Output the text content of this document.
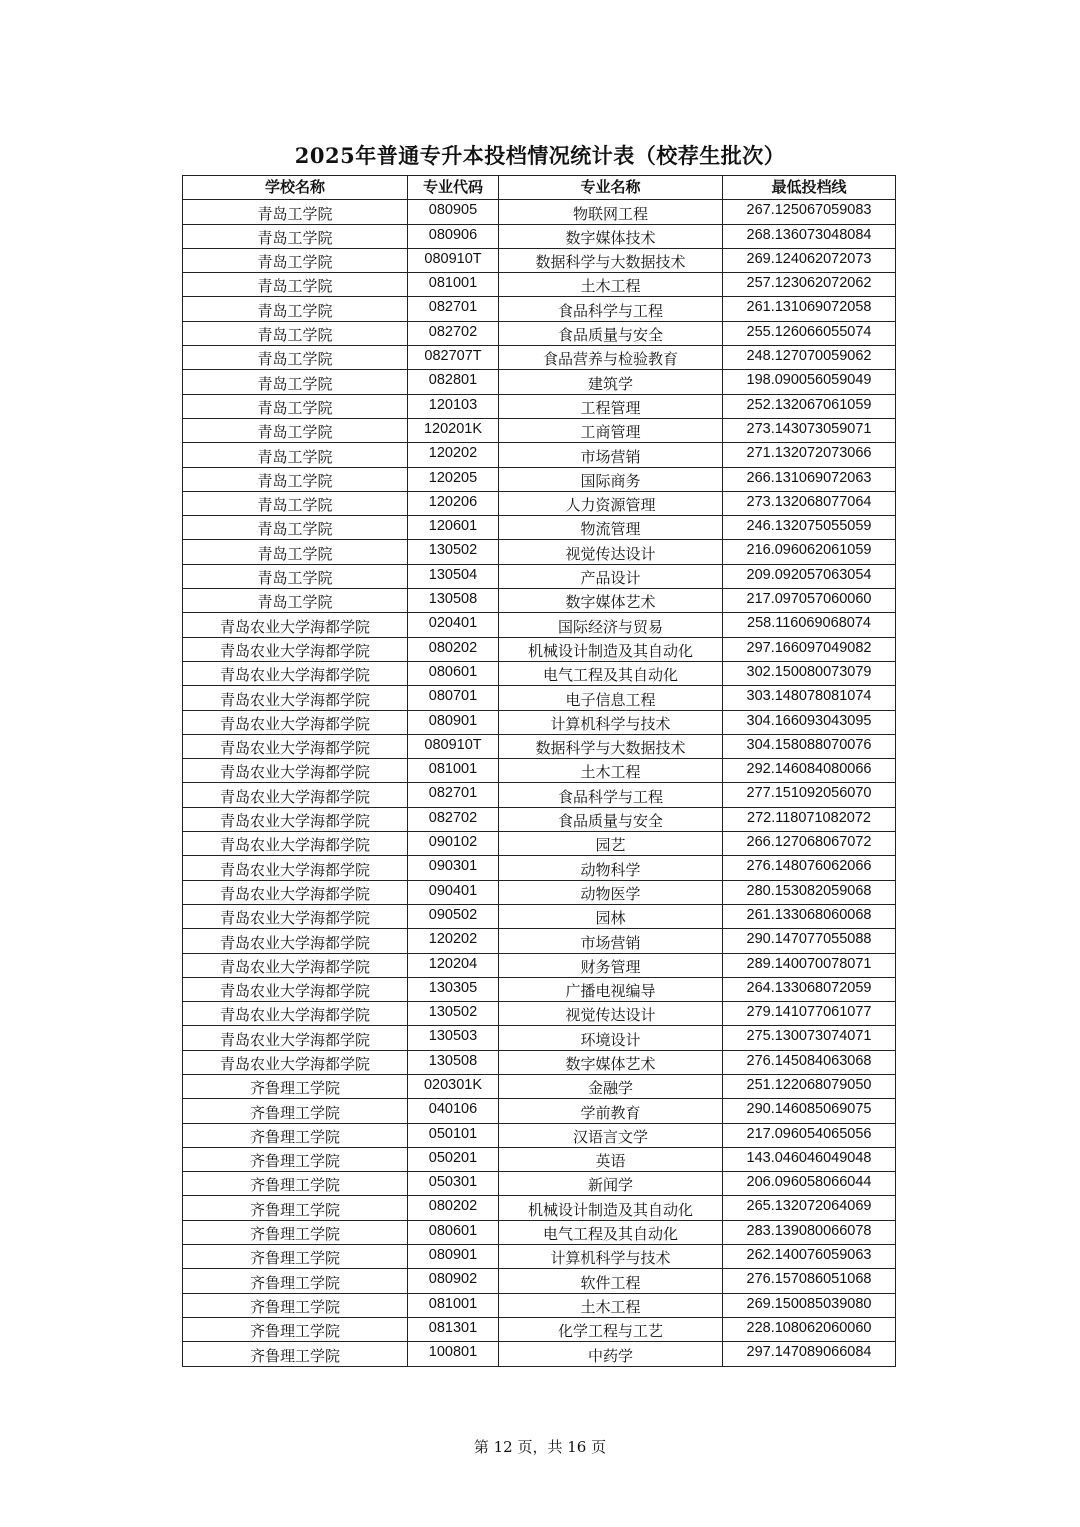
2025年普通专升本投档情况统计表（校荐生批次）
学校名称	专业代码	专业名称	最低投档线
青岛工学院	080905	物联网工程	267.125067059083
青岛工学院	080906	数字媒体技术	268.136073048084
青岛工学院	080910T	数据科学与大数据技术	269.124062072073
青岛工学院	081001	土木工程	257.123062072062
青岛工学院	082701	食品科学与工程	261.131069072058
青岛工学院	082702	食品质量与安全	255.126066055074
青岛工学院	082707T	食品营养与检验教育	248.127070059062
青岛工学院	082801	建筑学	198.090056059049
青岛工学院	120103	工程管理	252.132067061059
青岛工学院	120201K	工商管理	273.143073059071
青岛工学院	120202	市场营销	271.132072073066
青岛工学院	120205	国际商务	266.131069072063
青岛工学院	120206	人力资源管理	273.132068077064
青岛工学院	120601	物流管理	246.132075055059
青岛工学院	130502	视觉传达设计	216.096062061059
青岛工学院	130504	产品设计	209.092057063054
青岛工学院	130508	数字媒体艺术	217.097057060060
青岛农业大学海都学院	020401	国际经济与贸易	258.116069068074
青岛农业大学海都学院	080202	机械设计制造及其自动化	297.166097049082
青岛农业大学海都学院	080601	电气工程及其自动化	302.150080073079
青岛农业大学海都学院	080701	电子信息工程	303.148078081074
青岛农业大学海都学院	080901	计算机科学与技术	304.166093043095
青岛农业大学海都学院	080910T	数据科学与大数据技术	304.158088070076
青岛农业大学海都学院	081001	土木工程	292.146084080066
青岛农业大学海都学院	082701	食品科学与工程	277.151092056070
青岛农业大学海都学院	082702	食品质量与安全	272.118071082072
青岛农业大学海都学院	090102	园艺	266.127068067072
青岛农业大学海都学院	090301	动物科学	276.148076062066
青岛农业大学海都学院	090401	动物医学	280.153082059068
青岛农业大学海都学院	090502	园林	261.133068060068
青岛农业大学海都学院	120202	市场营销	290.147077055088
青岛农业大学海都学院	120204	财务管理	289.140070078071
青岛农业大学海都学院	130305	广播电视编导	264.133068072059
青岛农业大学海都学院	130502	视觉传达设计	279.141077061077
青岛农业大学海都学院	130503	环境设计	275.130073074071
青岛农业大学海都学院	130508	数字媒体艺术	276.145084063068
齐鲁理工学院	020301K	金融学	251.122068079050
齐鲁理工学院	040106	学前教育	290.146085069075
齐鲁理工学院	050101	汉语言文学	217.096054065056
齐鲁理工学院	050201	英语	143.046046049048
齐鲁理工学院	050301	新闻学	206.096058066044
齐鲁理工学院	080202	机械设计制造及其自动化	265.132072064069
齐鲁理工学院	080601	电气工程及其自动化	283.139080066078
齐鲁理工学院	080901	计算机科学与技术	262.140076059063
齐鲁理工学院	080902	软件工程	276.157086051068
齐鲁理工学院	081001	土木工程	269.150085039080
齐鲁理工学院	081301	化学工程与工艺	228.108062060060
齐鲁理工学院	100801	中药学	297.147089066084
第 12 页，共 16 页
